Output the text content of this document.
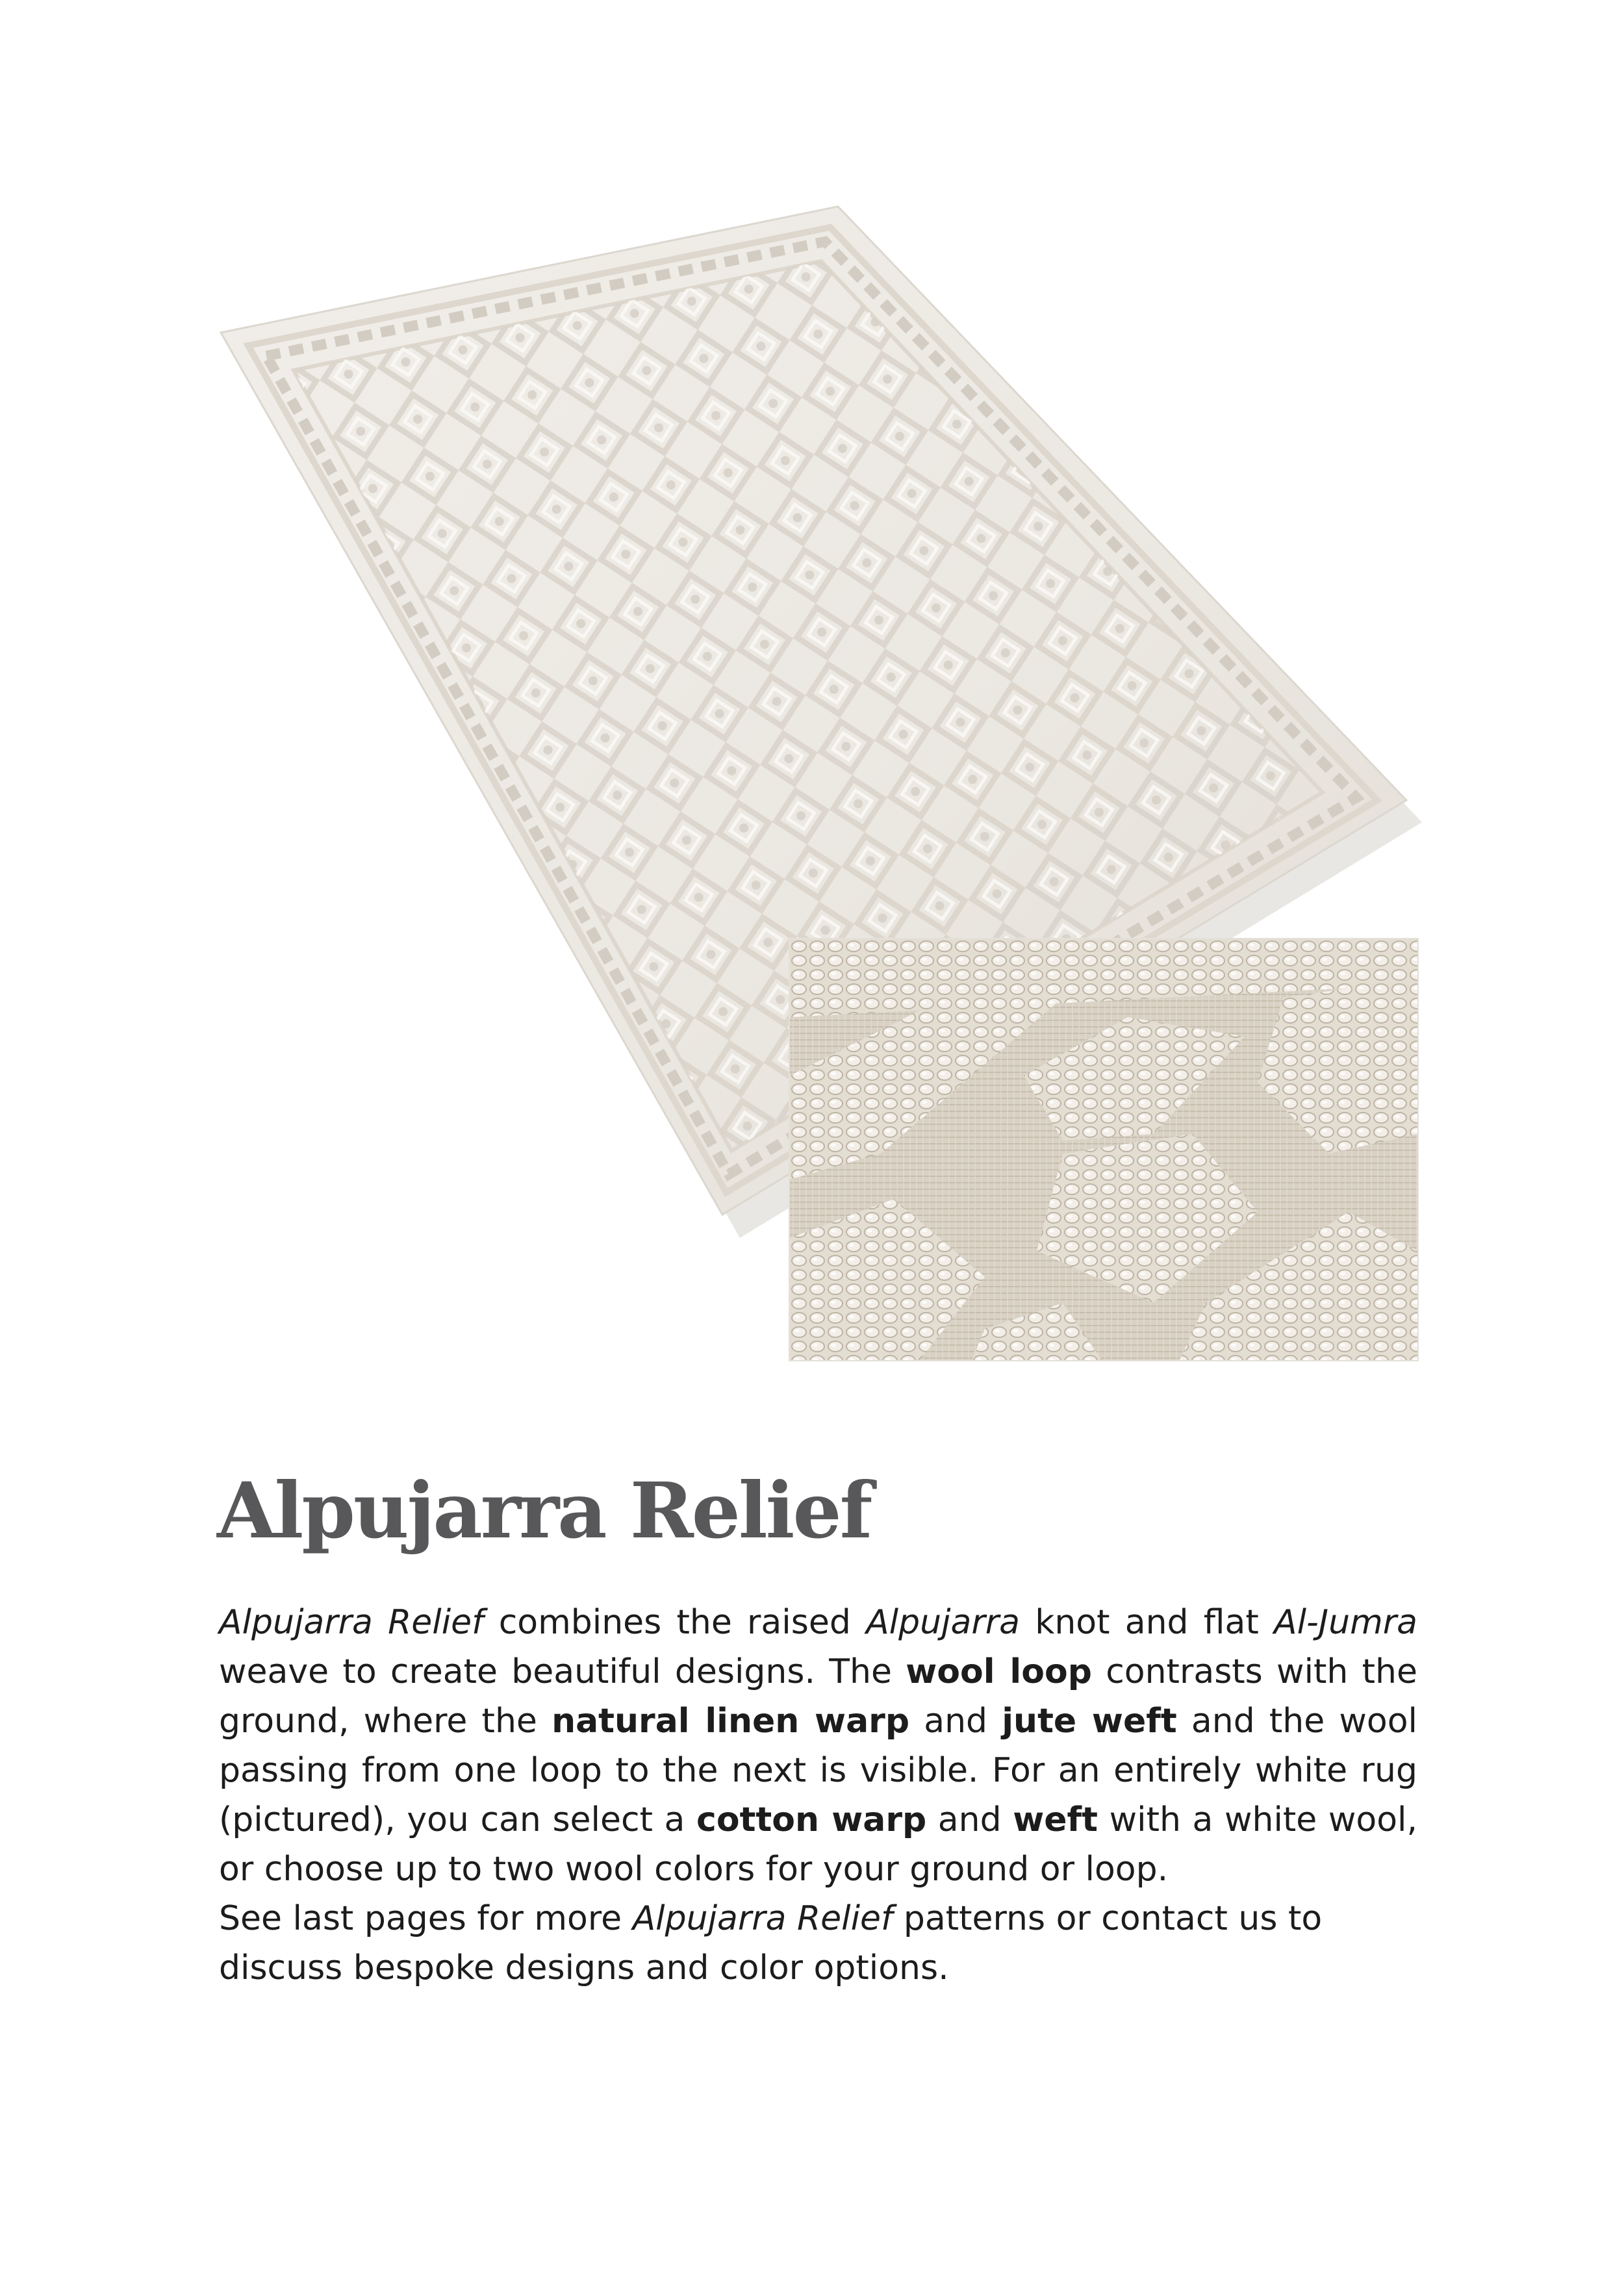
Alpujarra Relief

Alpujarra Relief combines the raised Alpujarra knot and flat Al-Jumra weave to create beautiful designs. The wool loop contrasts with the ground, where the natural linen warp and jute weft and the wool passing from one loop to the next is visible. For an entirely white rug (pictured), you can select a cotton warp and weft with a white wool, or choose up to two wool colors for your ground or loop.

See last pages for more Alpujarra Relief patterns or contact us to discuss bespoke designs and color options.
